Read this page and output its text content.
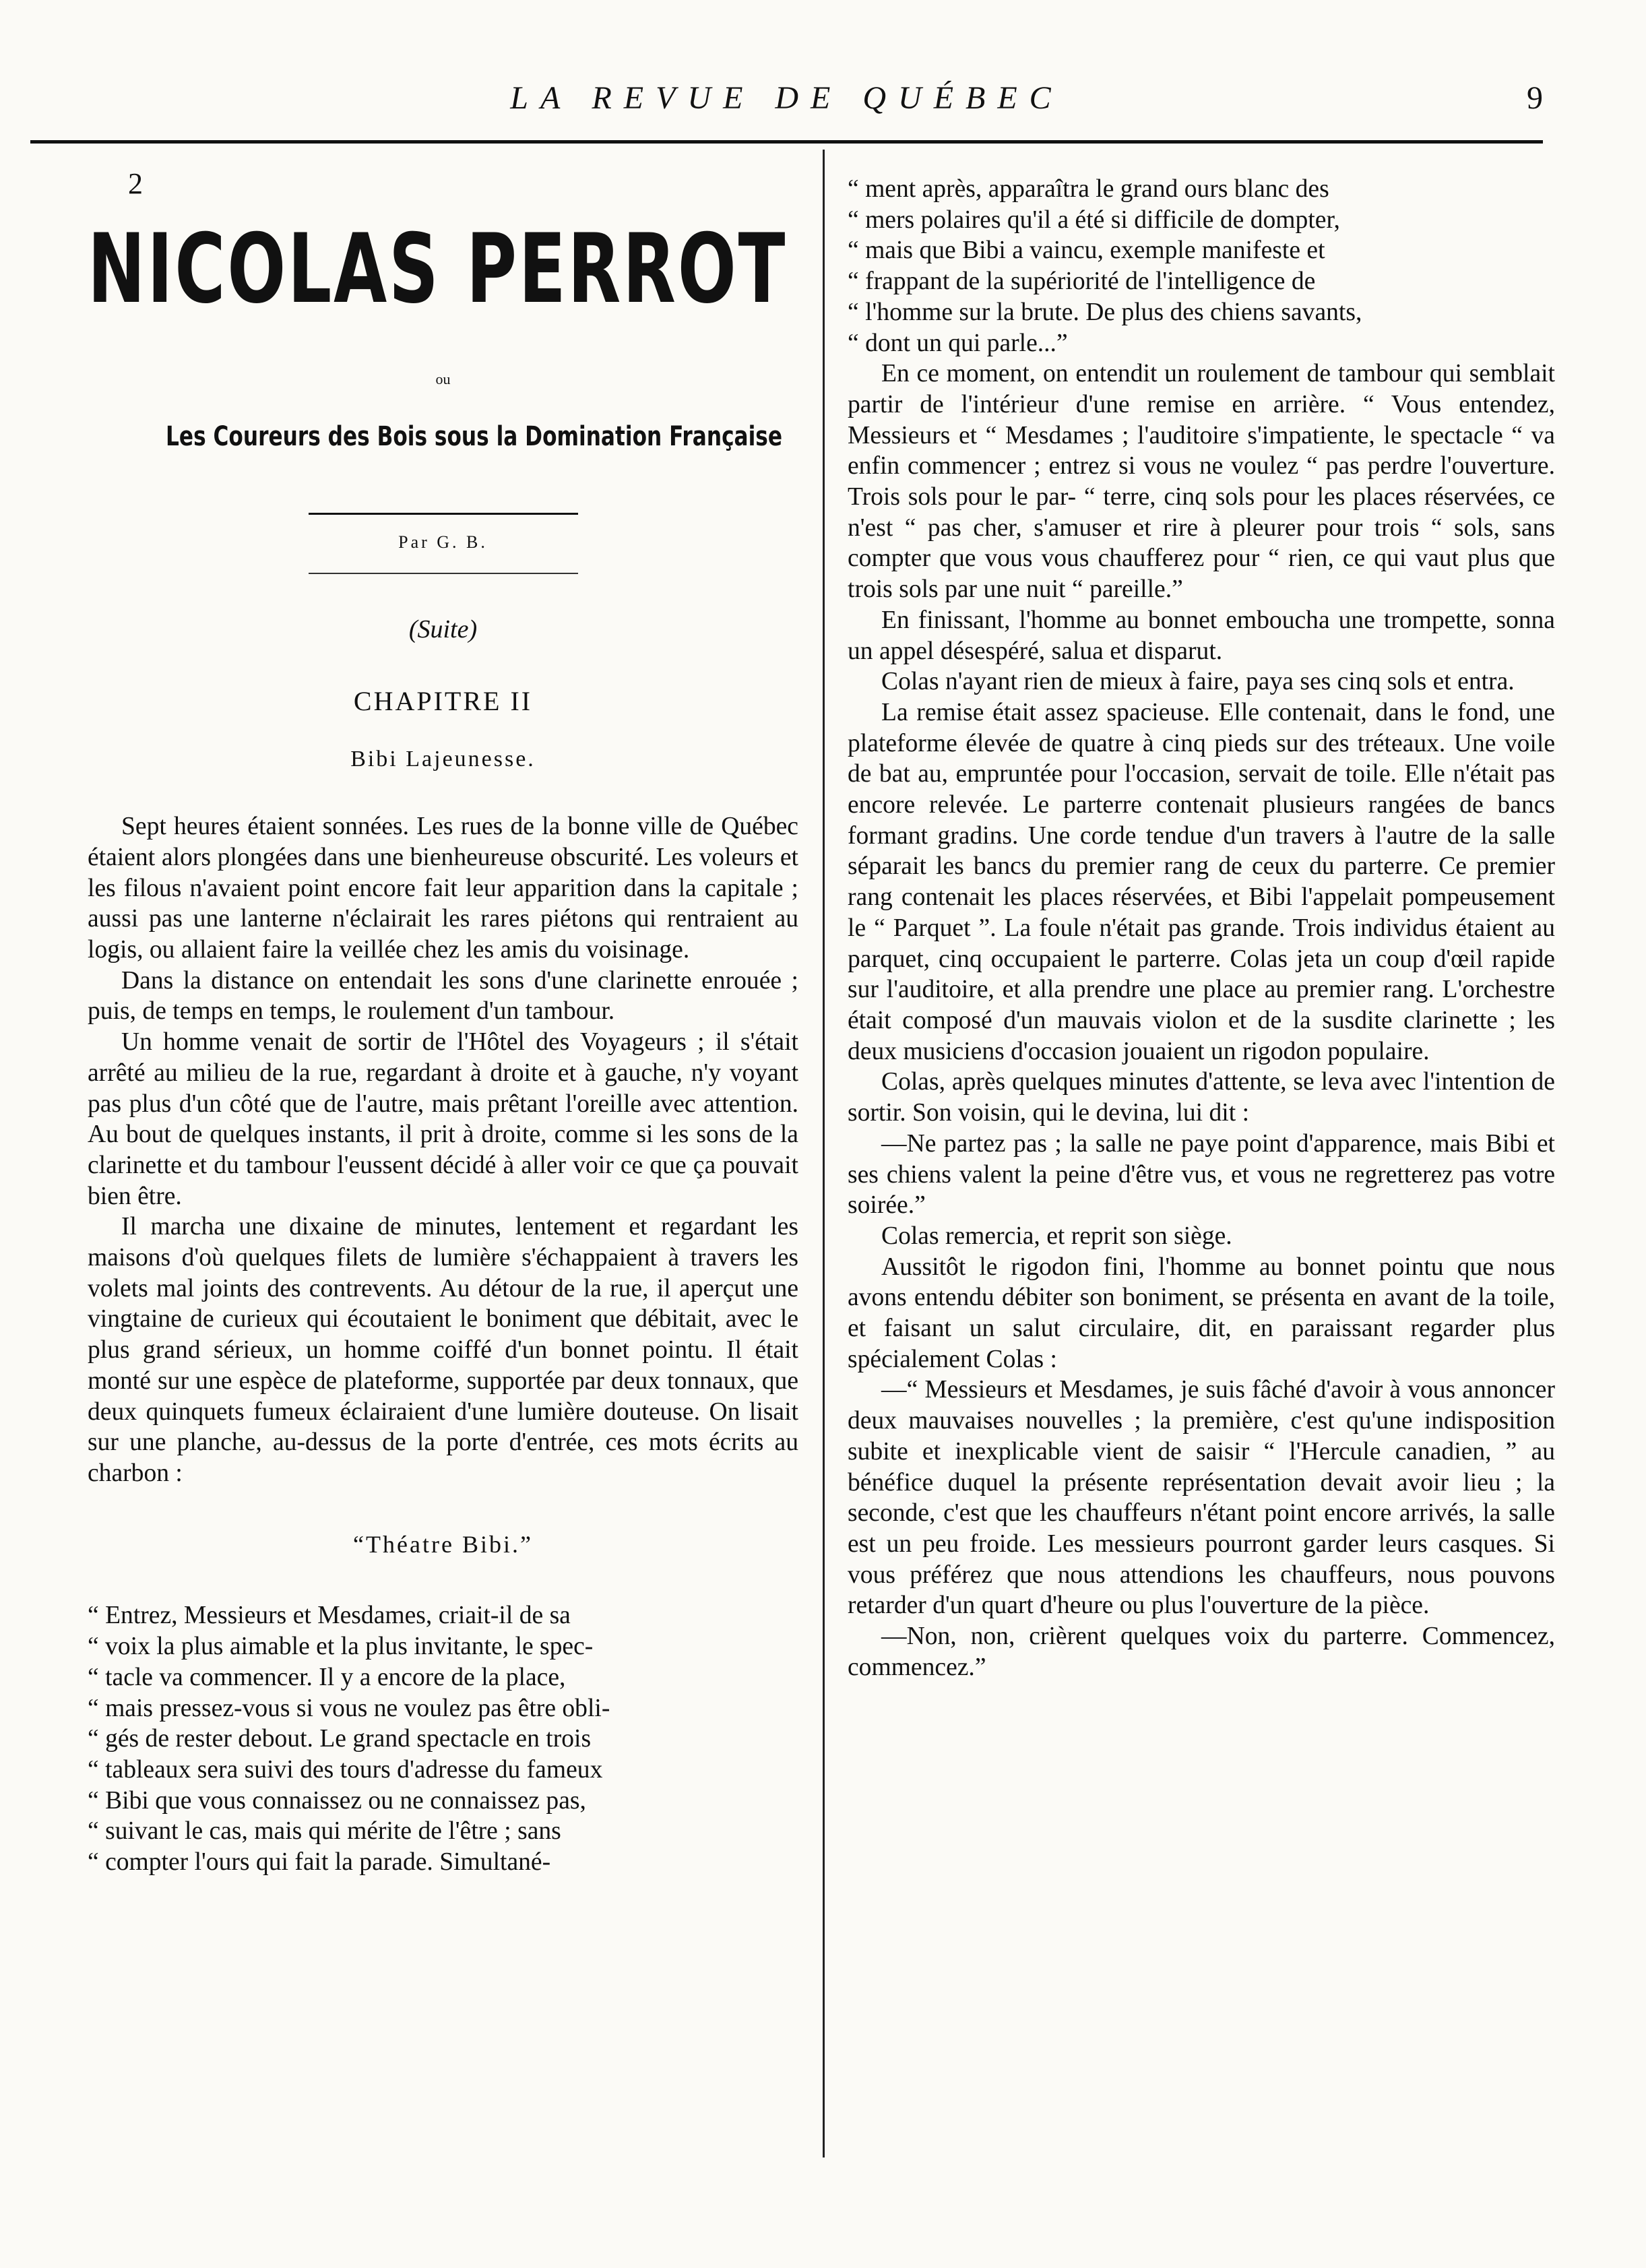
LA REVUE DE QUÉBEC	9
2
NICOLAS PERROT
ou
Les Coureurs des Bois sous la Domination Française
Par G. B.
(Suite)
CHAPITRE II
Bibi Lajeunesse.

Sept heures étaient sonnées. Les rues de la bonne ville de Québec étaient alors plongées dans une bienheureuse obscurité. Les voleurs et les filous n'avaient point encore fait leur apparition dans la capitale ; aussi pas une lanterne n'éclairait les rares piétons qui rentraient au logis, ou allaient faire la veillée chez les amis du voisinage.

Dans la distance on entendait les sons d'une clarinette enrouée ; puis, de temps en temps, le roulement d'un tambour.

Un homme venait de sortir de l'Hôtel des Voyageurs ; il s'était arrêté au milieu de la rue, regardant à droite et à gauche, n'y voyant pas plus d'un côté que de l'autre, mais prêtant l'oreille avec attention. Au bout de quelques instants, il prit à droite, comme si les sons de la clarinette et du tambour l'eussent décidé à aller voir ce que ça pouvait bien être.

Il marcha une dixaine de minutes, lentement et regardant les maisons d'où quelques filets de lumière s'échappaient à travers les volets mal joints des contrevents. Au détour de la rue, il aperçut une vingtaine de curieux qui écoutaient le boniment que débitait, avec le plus grand sérieux, un homme coiffé d'un bonnet pointu. Il était monté sur une espèce de plateforme, supportée par deux tonnaux, que deux quinquets fumeux éclairaient d'une lumière douteuse. On lisait sur une planche, au-dessus de la porte d'entrée, ces mots écrits au charbon :

“Théatre Bibi.”

“ Entrez, Messieurs et Mesdames, criait-il de sa

“ voix la plus aimable et la plus invitante, le spec-

“ tacle va commencer. Il y a encore de la place,

“ mais pressez-vous si vous ne voulez pas être obli-

“ gés de rester debout. Le grand spectacle en trois

“ tableaux sera suivi des tours d'adresse du fameux

“ Bibi que vous connaissez ou ne connaissez pas,

“ suivant le cas, mais qui mérite de l'être ; sans

“ compter l'ours qui fait la parade. Simultané-

“ ment après, apparaîtra le grand ours blanc des

“ mers polaires qu'il a été si difficile de dompter,

“ mais que Bibi a vaincu, exemple manifeste et

“ frappant de la supériorité de l'intelligence de

“ l'homme sur la brute. De plus des chiens savants,

“ dont un qui parle...”

En ce moment, on entendit un roulement de tambour qui semblait partir de l'intérieur d'une remise en arrière. “ Vous entendez, Messieurs et “ Mesdames ; l'auditoire s'impatiente, le spectacle “ va enfin commencer ; entrez si vous ne voulez “ pas perdre l'ouverture. Trois sols pour le par- “ terre, cinq sols pour les places réservées, ce n'est “ pas cher, s'amuser et rire à pleurer pour trois “ sols, sans compter que vous vous chaufferez pour “ rien, ce qui vaut plus que trois sols par une nuit “ pareille.”

En finissant, l'homme au bonnet emboucha une trompette, sonna un appel désespéré, salua et disparut.

Colas n'ayant rien de mieux à faire, paya ses cinq sols et entra.

La remise était assez spacieuse. Elle contenait, dans le fond, une plateforme élevée de quatre à cinq pieds sur des tréteaux. Une voile de bat au, empruntée pour l'occasion, servait de toile. Elle n'était pas encore relevée. Le parterre contenait plusieurs rangées de bancs formant gradins. Une corde tendue d'un travers à l'autre de la salle séparait les bancs du premier rang de ceux du parterre. Ce premier rang contenait les places réservées, et Bibi l'appelait pompeusement le “ Parquet ”. La foule n'était pas grande. Trois individus étaient au parquet, cinq occupaient le parterre. Colas jeta un coup d'œil rapide sur l'auditoire, et alla prendre une place au premier rang. L'orchestre était composé d'un mauvais violon et de la susdite clarinette ; les deux musiciens d'occasion jouaient un rigodon populaire.

Colas, après quelques minutes d'attente, se leva avec l'intention de sortir. Son voisin, qui le devina, lui dit :

—Ne partez pas ; la salle ne paye point d'apparence, mais Bibi et ses chiens valent la peine d'être vus, et vous ne regretterez pas votre soirée.”

Colas remercia, et reprit son siège.

Aussitôt le rigodon fini, l'homme au bonnet pointu que nous avons entendu débiter son boniment, se présenta en avant de la toile, et faisant un salut circulaire, dit, en paraissant regarder plus spécialement Colas :

—“ Messieurs et Mesdames, je suis fâché d'avoir à vous annoncer deux mauvaises nouvelles ; la première, c'est qu'une indisposition subite et inexplicable vient de saisir “ l'Hercule canadien, ” au bénéfice duquel la présente représentation devait avoir lieu ; la seconde, c'est que les chauffeurs n'étant point encore arrivés, la salle est un peu froide. Les messieurs pourront garder leurs casques. Si vous préférez que nous attendions les chauffeurs, nous pouvons retarder d'un quart d'heure ou plus l'ouverture de la pièce.

—Non, non, crièrent quelques voix du parterre. Commencez, commencez.”
